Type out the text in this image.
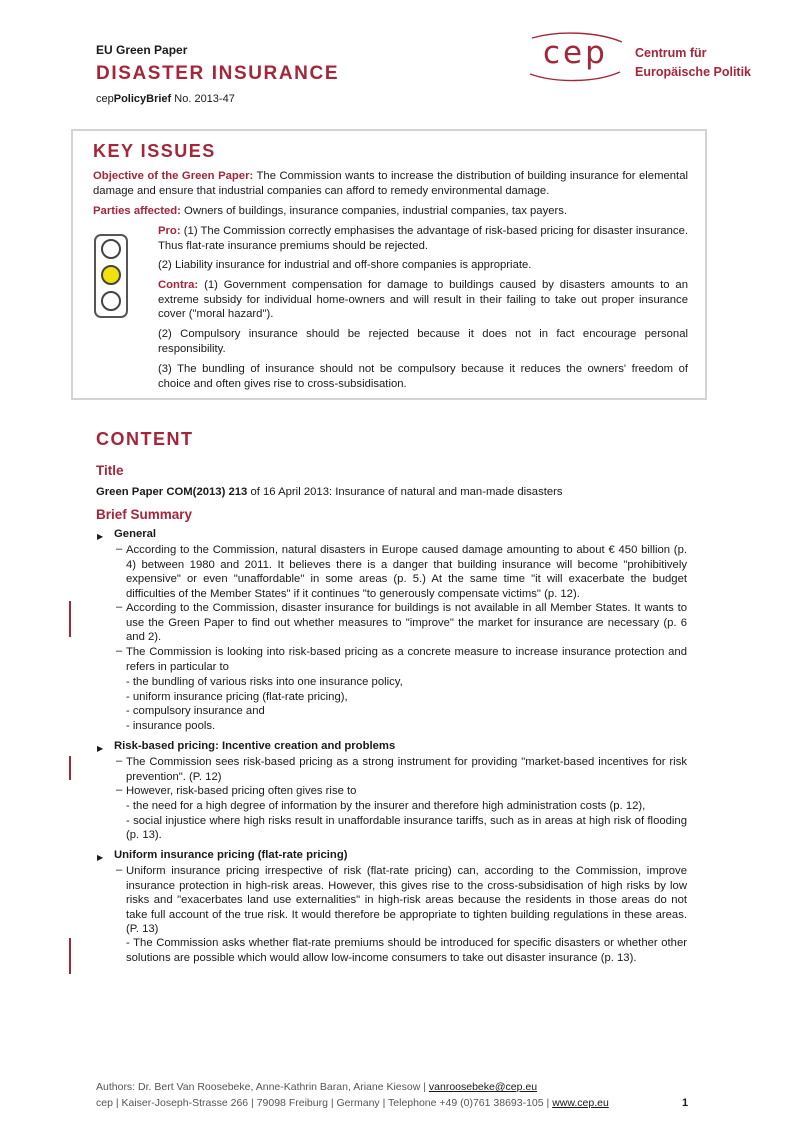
EU Green Paper
DISASTER INSURANCE
cepPolicyBrief No. 2013-47
cep Centrum für
Europäische Politik
KEY ISSUES
Objective of the Green Paper: The Commission wants to increase the distribution of building insurance for elemental damage and ensure that industrial companies can afford to remedy environmental damage.
Parties affected: Owners of buildings, insurance companies, industrial companies, tax payers.
Pro: (1) The Commission correctly emphasises the advantage of risk-based pricing for disaster insurance. Thus flat-rate insurance premiums should be rejected.
(2) Liability insurance for industrial and off-shore companies is appropriate.
Contra: (1) Government compensation for damage to buildings caused by disasters amounts to an extreme subsidy for individual home-owners and will result in their failing to take out proper insurance cover ("moral hazard").
(2) Compulsory insurance should be rejected because it does not in fact encourage personal responsibility.
(3) The bundling of insurance should not be compulsory because it reduces the owners' freedom of choice and often gives rise to cross-subsidisation.
CONTENT
Title
Green Paper COM(2013) 213 of 16 April 2013: Insurance of natural and man-made disasters
Brief Summary
▶ General
– According to the Commission, natural disasters in Europe caused damage amounting to about € 450 billion (p. 4) between 1980 and 2011. It believes there is a danger that building insurance will become "prohibitively expensive" or even "unaffordable" in some areas (p. 5.) At the same time "it will exacerbate the budget difficulties of the Member States" if it continues "to generously compensate victims" (p. 12).
– According to the Commission, disaster insurance for buildings is not available in all Member States. It wants to use the Green Paper to find out whether measures to "improve" the market for insurance are necessary (p. 6 and 2).
– The Commission is looking into risk-based pricing as a concrete measure to increase insurance protection and refers in particular to
- the bundling of various risks into one insurance policy,
- uniform insurance pricing (flat-rate pricing),
- compulsory insurance and
- insurance pools.
▶ Risk-based pricing: Incentive creation and problems
– The Commission sees risk-based pricing as a strong instrument for providing "market-based incentives for risk prevention". (P. 12)
– However, risk-based pricing often gives rise to
- the need for a high degree of information by the insurer and therefore high administration costs (p. 12),
- social injustice where high risks result in unaffordable insurance tariffs, such as in areas at high risk of flooding (p. 13).
▶ Uniform insurance pricing (flat-rate pricing)
– Uniform insurance pricing irrespective of risk (flat-rate pricing) can, according to the Commission, improve insurance protection in high-risk areas. However, this gives rise to the cross-subsidisation of high risks by low risks and "exacerbates land use externalities" in high-risk areas because the residents in those areas do not take full account of the true risk. It would therefore be appropriate to tighten building regulations in these areas. (P. 13)
- The Commission asks whether flat-rate premiums should be introduced for specific disasters or whether other solutions are possible which would allow low-income consumers to take out disaster insurance (p. 13).
Authors: Dr. Bert Van Roosebeke, Anne-Kathrin Baran, Ariane Kiesow | vanroosebeke@cep.eu
cep | Kaiser-Joseph-Strasse 266 | 79098 Freiburg | Germany | Telephone +49 (0)761 38693-105 | www.cep.eu	1
